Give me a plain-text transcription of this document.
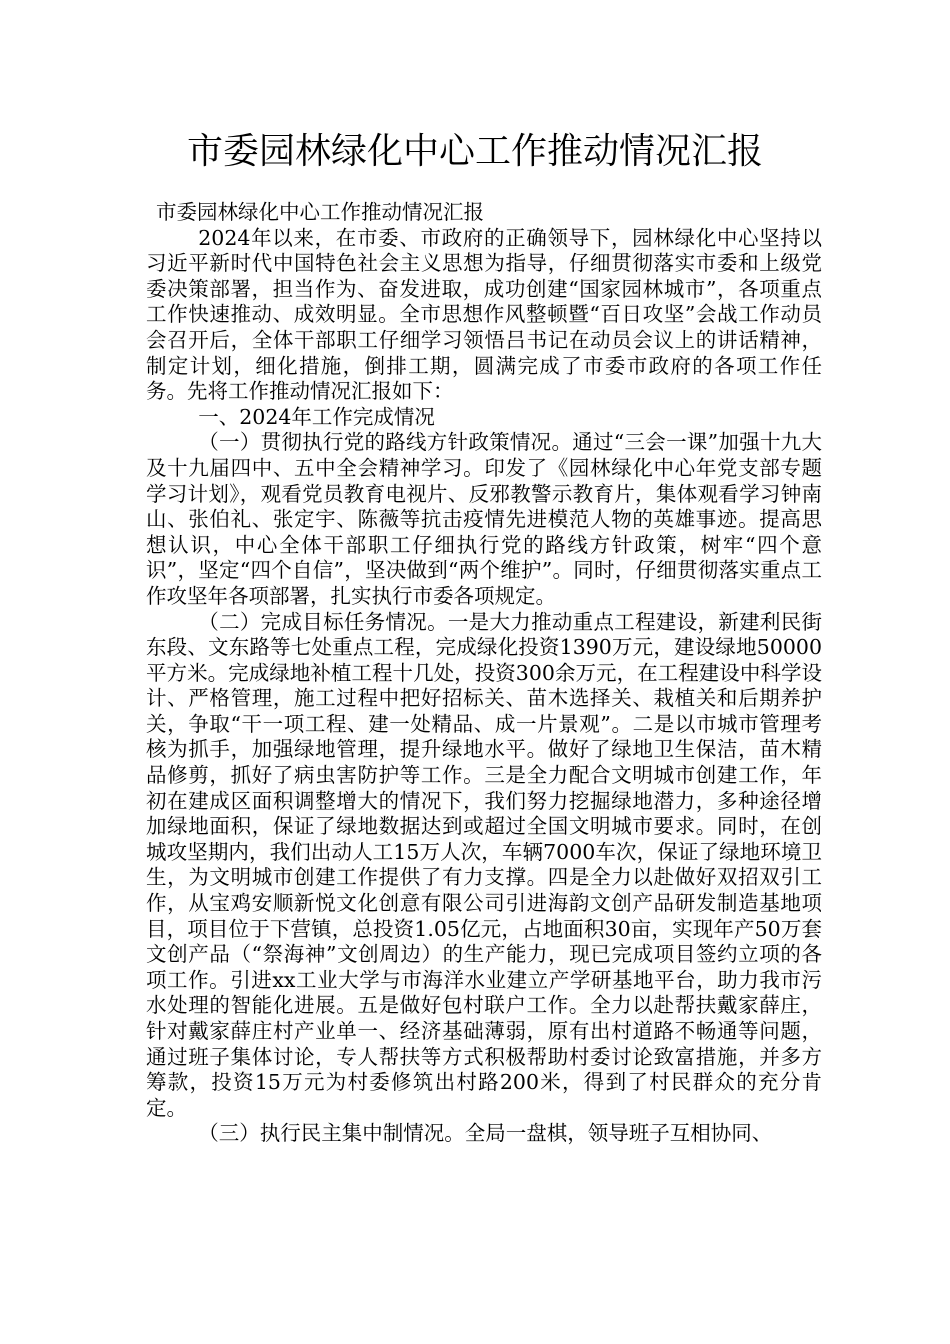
市委园林绿化中心工作推动情况汇报

市委园林绿化中心工作推动情况汇报

2024年以来，在市委、市政府的正确领导下，园林绿化中心坚持以习近平新时代中国特色社会主义思想为指导，仔细贯彻落实市委和上级党委决策部署，担当作为、奋发进取，成功创建“国家园林城市”，各项重点工作快速推动、成效明显。全市思想作风整顿暨“百日攻坚”会战工作动员会召开后，全体干部职工仔细学习领悟吕书记在动员会议上的讲话精神，制定计划，细化措施，倒排工期，圆满完成了市委市政府的各项工作任务。先将工作推动情况汇报如下：

一、2024年工作完成情况

（一）贯彻执行党的路线方针政策情况。通过“三会一课”加强十九大及十九届四中、五中全会精神学习。印发了《园林绿化中心年党支部专题学习计划》，观看党员教育电视片、反邪教警示教育片，集体观看学习钟南山、张伯礼、张定宇、陈薇等抗击疫情先进模范人物的英雄事迹。提高思想认识，中心全体干部职工仔细执行党的路线方针政策，树牢“四个意识”，坚定“四个自信”，坚决做到“两个维护”。同时，仔细贯彻落实重点工作攻坚年各项部署，扎实执行市委各项规定。

（二）完成目标任务情况。一是大力推动重点工程建设，新建利民街东段、文东路等七处重点工程，完成绿化投资1390万元，建设绿地50000平方米。完成绿地补植工程十几处，投资300余万元，在工程建设中科学设计、严格管理，施工过程中把好招标关、苗木选择关、栽植关和后期养护关，争取“干一项工程、建一处精品、成一片景观”。二是以市城市管理考核为抓手，加强绿地管理，提升绿地水平。做好了绿地卫生保洁，苗木精品修剪，抓好了病虫害防护等工作。三是全力配合文明城市创建工作，年初在建成区面积调整增大的情况下，我们努力挖掘绿地潜力，多种途径增加绿地面积，保证了绿地数据达到或超过全国文明城市要求。同时，在创城攻坚期内，我们出动人工15万人次，车辆7000车次，保证了绿地环境卫生，为文明城市创建工作提供了有力支撑。四是全力以赴做好双招双引工作，从宝鸡安顺新悦文化创意有限公司引进海韵文创产品研发制造基地项目，项目位于下营镇，总投资1.05亿元，占地面积30亩，实现年产50万套文创产品（“祭海神”文创周边）的生产能力，现已完成项目签约立项的各项工作。引进xx工业大学与市海洋水业建立产学研基地平台，助力我市污水处理的智能化进展。五是做好包村联户工作。全力以赴帮扶戴家薛庄，针对戴家薛庄村产业单一、经济基础薄弱，原有出村道路不畅通等问题，通过班子集体讨论，专人帮扶等方式积极帮助村委讨论致富措施，并多方筹款，投资15万元为村委修筑出村路200米，得到了村民群众的充分肯定。

（三）执行民主集中制情况。全局一盘棋，领导班子互相协同、
